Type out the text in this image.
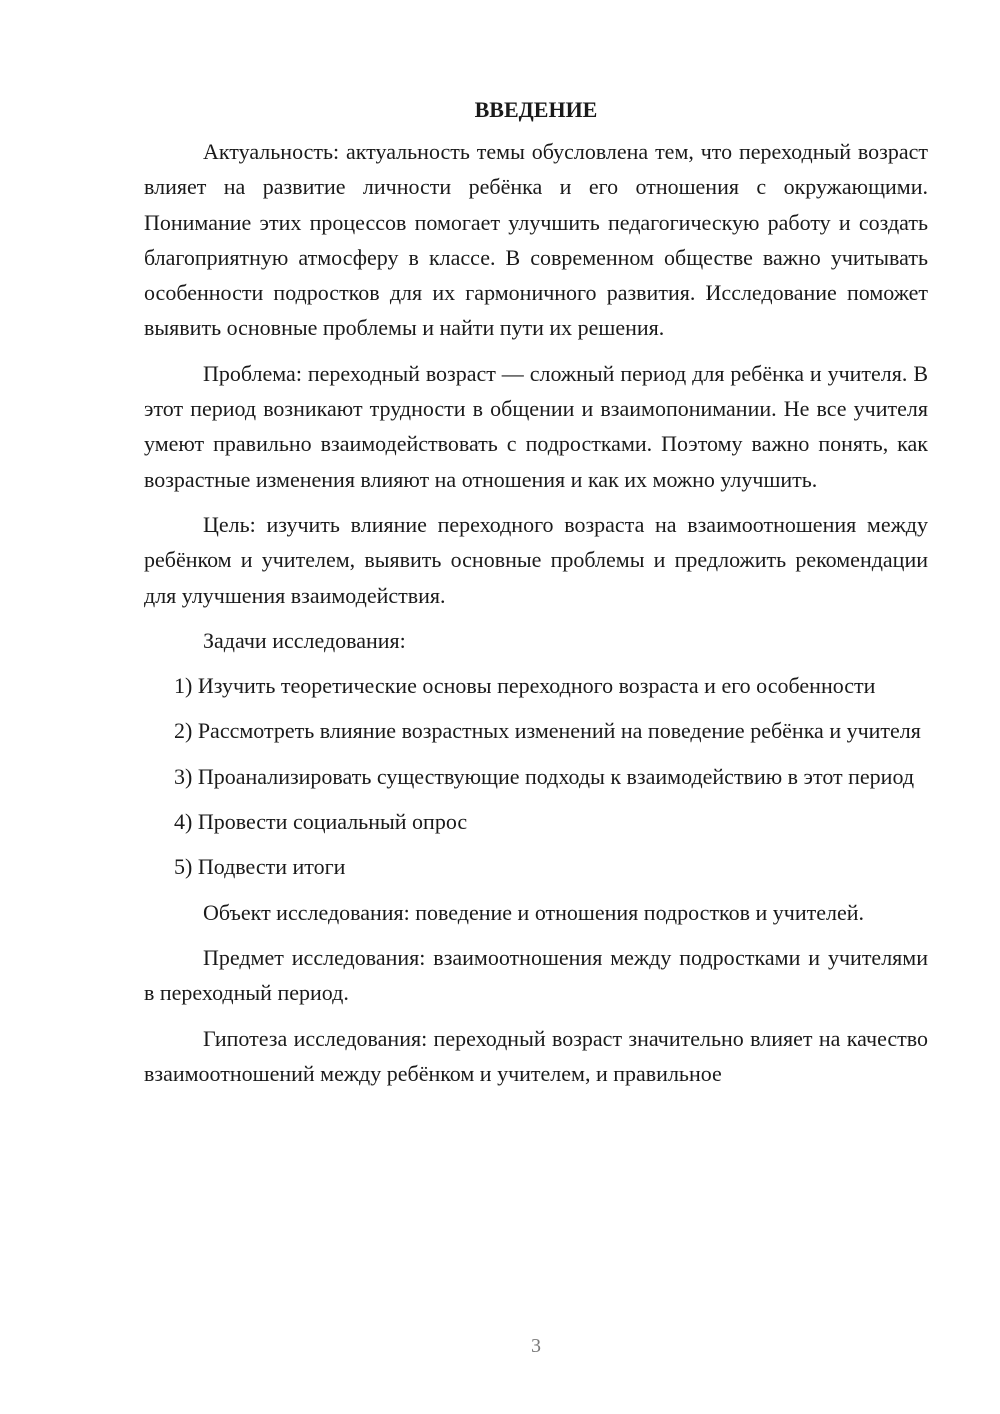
ВВЕДЕНИЕ

Актуальность: актуальность темы обусловлена тем, что переходный возраст влияет на развитие личности ребёнка и его отношения с окружающими. Понимание этих процессов помогает улучшить педагогическую работу и создать благоприятную атмосферу в классе. В современном обществе важно учитывать особенности подростков для их гармоничного развития. Исследование поможет выявить основные проблемы и найти пути их решения.

Проблема: переходный возраст — сложный период для ребёнка и учителя. В этот период возникают трудности в общении и взаимопонимании. Не все учителя умеют правильно взаимодействовать с подростками. Поэтому важно понять, как возрастные изменения влияют на отношения и как их можно улучшить.

Цель: изучить влияние переходного возраста на взаимоотношения между ребёнком и учителем, выявить основные проблемы и предложить рекомендации для улучшения взаимодействия.

Задачи исследования:

1) Изучить теоретические основы переходного возраста и его особенности

2) Рассмотреть влияние возрастных изменений на поведение ребёнка и учителя

3) Проанализировать существующие подходы к взаимодействию в этот период

4) Провести социальный опрос

5) Подвести итоги

Объект исследования: поведение и отношения подростков и учителей.

Предмет исследования: взаимоотношения между подростками и учителями в переходный период.

Гипотеза исследования: переходный возраст значительно влияет на качество взаимоотношений между ребёнком и учителем, и правильное

3
